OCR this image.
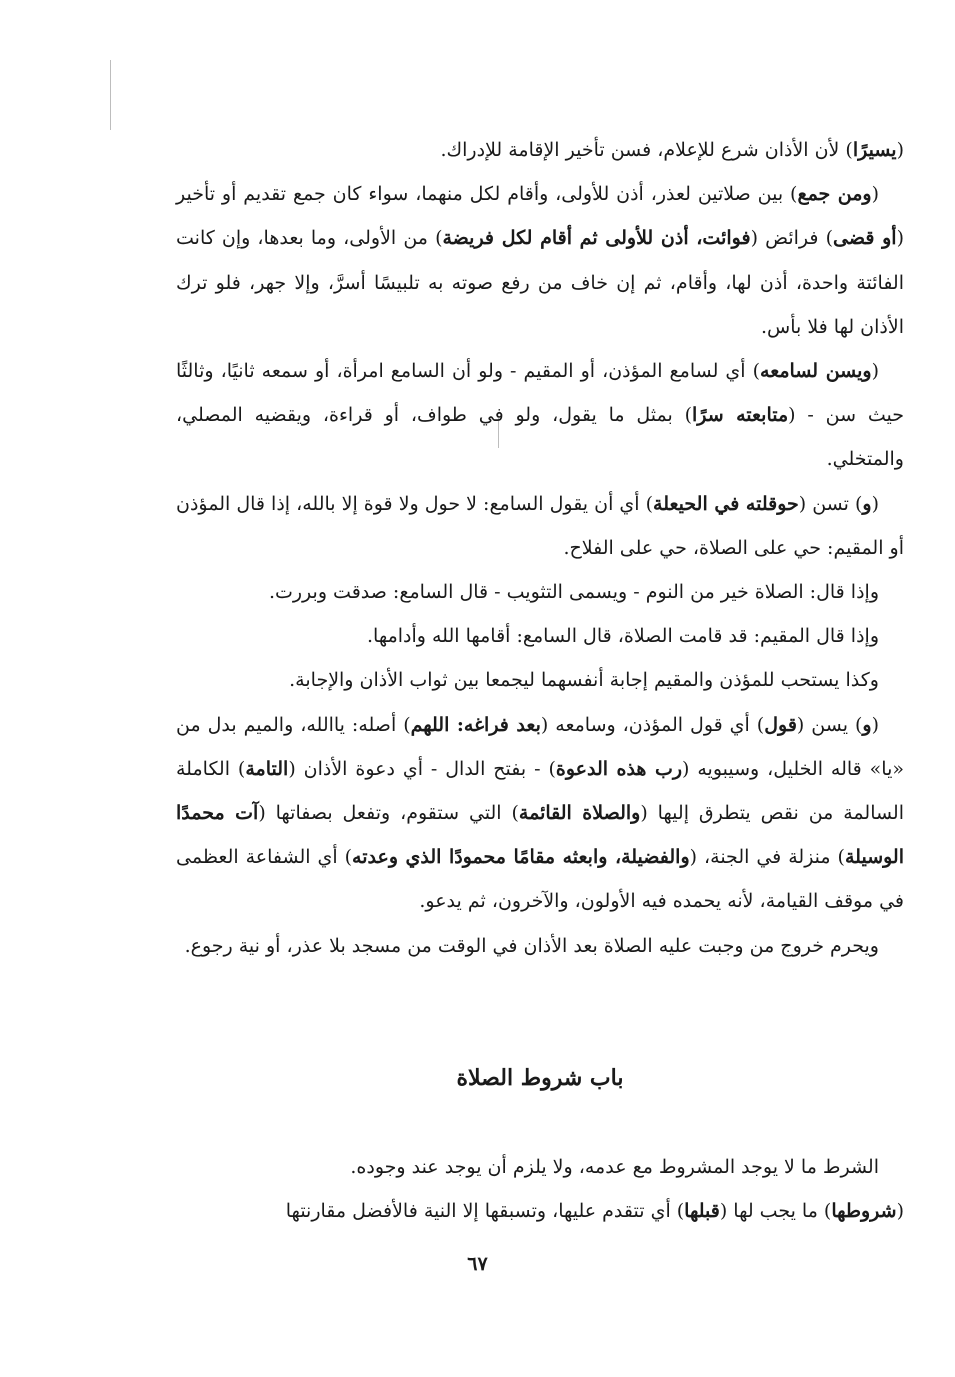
(يسيرًا) لأن الأذان شرع للإعلام، فسن تأخير الإقامة للإدراك.

(ومن جمع) بين صلاتين لعذر، أذن للأولى، وأقام لكل منهما، سواء كان جمع تقديم أو تأخير (أو قضى) فرائض (فوائت، أذن للأولى ثم أقام لكل فريضة) من الأولى، وما بعدها، وإن كانت الفائتة واحدة، أذن لها، وأقام، ثم إن خاف من رفع صوته به تلبيسًا أسرَّ، وإلا جهر، فلو ترك الأذان لها فلا بأس.

(ويسن لسامعه) أي لسامع المؤذن، أو المقيم - ولو أن السامع امرأة، أو سمعه ثانيًا، وثالثًا حيث سن - (متابعته سرًا) بمثل ما يقول، ولو في طواف، أو قراءة، ويقضيه المصلي، والمتخلي.

(و) تسن (حوقلته في الحيعلة) أي أن يقول السامع: لا حول ولا قوة إلا بالله، إذا قال المؤذن أو المقيم: حي على الصلاة، حي على الفلاح.

وإذا قال: الصلاة خير من النوم - ويسمى التثويب - قال السامع: صدقت وبررت.

وإذا قال المقيم: قد قامت الصلاة، قال السامع: أقامها الله وأدامها.

وكذا يستحب للمؤذن والمقيم إجابة أنفسهما ليجمعا بين ثواب الأذان والإجابة.

(و) يسن (قول) أي قول المؤذن، وسامعه (بعد فراغه: اللهم) أصله: ياالله، والميم بدل من «يا» قاله الخليل، وسيبويه (رب هذه الدعوة) - بفتح الدال - أي دعوة الأذان (التامة) الكاملة السالمة من نقص يتطرق إليها (والصلاة القائمة) التي ستقوم، وتفعل بصفاتها (آت محمدًا الوسيلة) منزلة في الجنة، (والفضيلة، وابعثه مقامًا محمودًا الذي وعدته) أي الشفاعة العظمى في موقف القيامة، لأنه يحمده فيه الأولون، والآخرون، ثم يدعو.

ويحرم خروج من وجبت عليه الصلاة بعد الأذان في الوقت من مسجد بلا عذر، أو نية رجوع.

باب شروط الصلاة

الشرط ما لا يوجد المشروط مع عدمه، ولا يلزم أن يوجد عند وجوده.

(شروطها) ما يجب لها (قبلها) أي تتقدم عليها، وتسبقها إلا النية فالأفضل مقارنتها

٦٧
